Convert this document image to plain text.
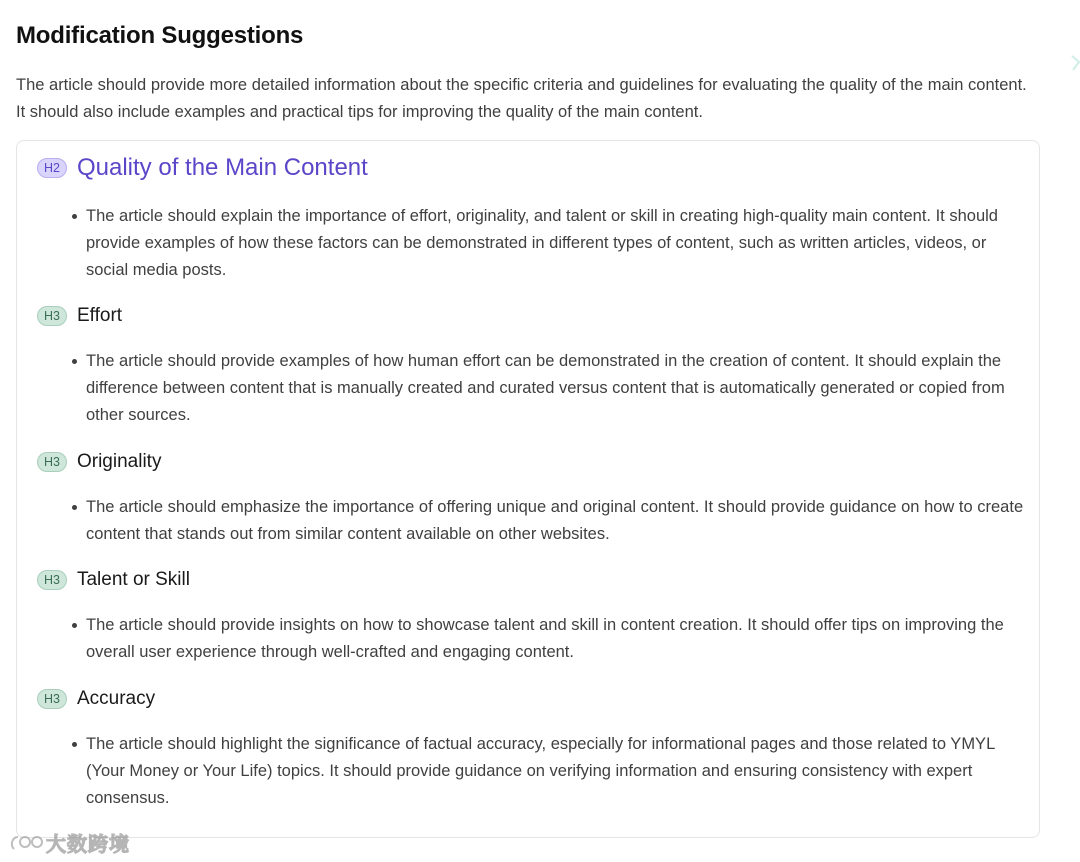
Modification Suggestions
The article should provide more detailed information about the specific criteria and guidelines for evaluating the quality of the main content. It should also include examples and practical tips for improving the quality of the main content.
H2 Quality of the Main Content
The article should explain the importance of effort, originality, and talent or skill in creating high-quality main content. It should provide examples of how these factors can be demonstrated in different types of content, such as written articles, videos, or social media posts.
H3 Effort
The article should provide examples of how human effort can be demonstrated in the creation of content. It should explain the difference between content that is manually created and curated versus content that is automatically generated or copied from other sources.
H3 Originality
The article should emphasize the importance of offering unique and original content. It should provide guidance on how to create content that stands out from similar content available on other websites.
H3 Talent or Skill
The article should provide insights on how to showcase talent and skill in content creation. It should offer tips on improving the overall user experience through well-crafted and engaging content.
H3 Accuracy
The article should highlight the significance of factual accuracy, especially for informational pages and those related to YMYL (Your Money or Your Life) topics. It should provide guidance on verifying information and ensuring consistency with expert consensus.
大数跨境
